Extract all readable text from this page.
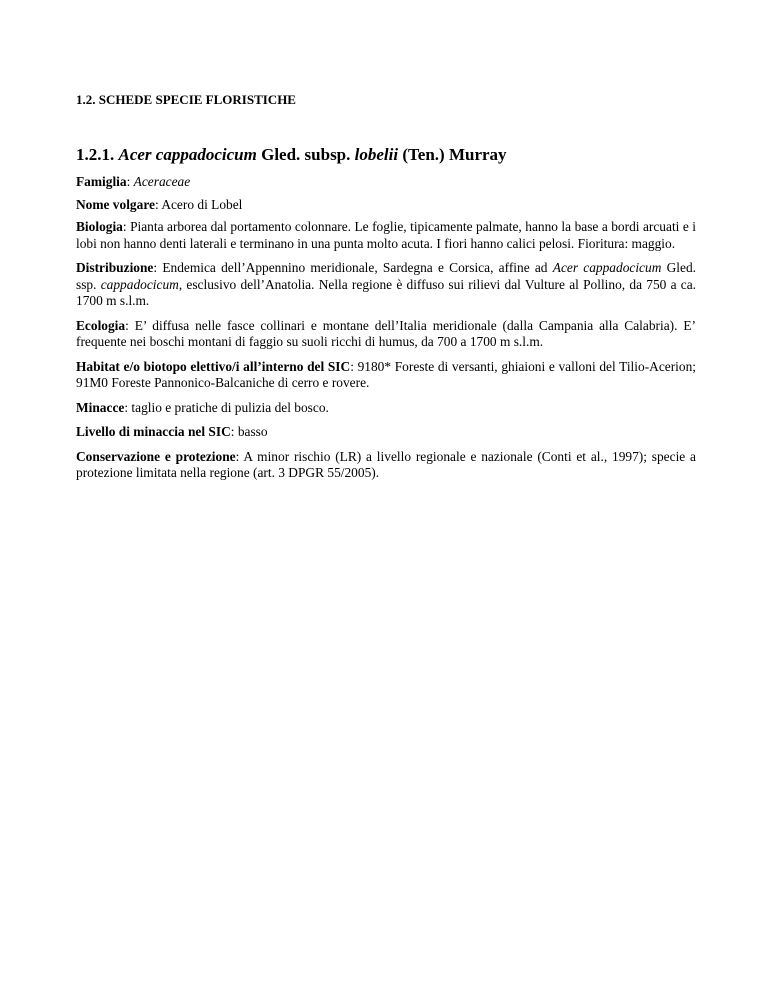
1.2. SCHEDE SPECIE FLORISTICHE
1.2.1. Acer cappadocicum Gled. subsp. lobelii (Ten.) Murray

Famiglia: Aceraceae

Nome volgare: Acero di Lobel

Biologia: Pianta arborea dal portamento colonnare. Le foglie, tipicamente palmate, hanno la base a bordi arcuati e i lobi non hanno denti laterali e terminano in una punta molto acuta. I fiori hanno calici pelosi. Fioritura: maggio.

Distribuzione: Endemica dell’Appennino meridionale, Sardegna e Corsica, affine ad Acer cappadocicum Gled. ssp. cappadocicum, esclusivo dell’Anatolia. Nella regione è diffuso sui rilievi dal Vulture al Pollino, da 750 a ca. 1700 m s.l.m.

Ecologia: E’ diffusa nelle fasce collinari e montane dell’Italia meridionale (dalla Campania alla Calabria). E’ frequente nei boschi montani di faggio su suoli ricchi di humus, da 700 a 1700 m s.l.m.

Habitat e/o biotopo elettivo/i all’interno del SIC: 9180* Foreste di versanti, ghiaioni e valloni del Tilio-Acerion; 91M0 Foreste Pannonico-Balcaniche di cerro e rovere.

Minacce: taglio e pratiche di pulizia del bosco.

Livello di minaccia nel SIC: basso

Conservazione e protezione: A minor rischio (LR) a livello regionale e nazionale (Conti et al., 1997); specie a protezione limitata nella regione (art. 3 DPGR 55/2005).
